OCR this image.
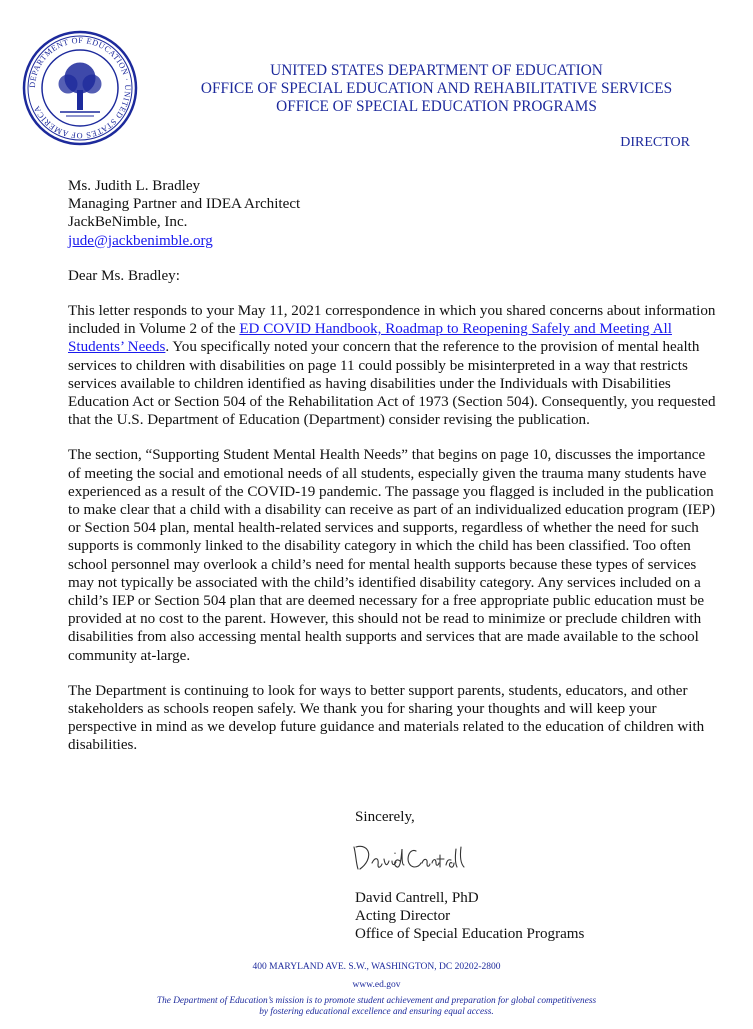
DEPARTMENT OF EDUCATION · UNITED STATES OF AMERICA
UNITED STATES DEPARTMENT OF EDUCATION
OFFICE OF SPECIAL EDUCATION AND REHABILITATIVE SERVICES
OFFICE OF SPECIAL EDUCATION PROGRAMS
DIRECTOR
Ms. Judith L. Bradley
Managing Partner and IDEA Architect
JackBeNimble, Inc.
jude@jackbenimble.org
Dear Ms. Bradley:

This letter responds to your May 11, 2021 correspondence in which you shared concerns about information included in Volume 2 of the ED COVID Handbook, Roadmap to Reopening Safely and Meeting All Students’ Needs. You specifically noted your concern that the reference to the provision of mental health services to children with disabilities on page 11 could possibly be misinterpreted in a way that restricts services available to children identified as having disabilities under the Individuals with Disabilities Education Act or Section 504 of the Rehabilitation Act of 1973 (Section 504). Consequently, you requested that the U.S. Department of Education (Department) consider revising the publication.

The section, “Supporting Student Mental Health Needs” that begins on page 10, discusses the importance of meeting the social and emotional needs of all students, especially given the trauma many students have experienced as a result of the COVID-19 pandemic. The passage you flagged is included in the publication to make clear that a child with a disability can receive as part of an individualized education program (IEP) or Section 504 plan, mental health-related services and supports, regardless of whether the need for such supports is commonly linked to the disability category in which the child has been classified. Too often school personnel may overlook a child’s need for mental health supports because these types of services may not typically be associated with the child’s identified disability category. Any services included on a child’s IEP or Section 504 plan that are deemed necessary for a free appropriate public education must be provided at no cost to the parent. However, this should not be read to minimize or preclude children with disabilities from also accessing mental health supports and services that are made available to the school community at-large.

The Department is continuing to look for ways to better support parents, students, educators, and other stakeholders as schools reopen safely. We thank you for sharing your thoughts and will keep your perspective in mind as we develop future guidance and materials related to the education of children with disabilities.

Sincerely,
David Cantrell, PhD
Acting Director
Office of Special Education Programs
400 MARYLAND AVE. S.W., WASHINGTON, DC 20202-2800
www.ed.gov
The Department of Education’s mission is to promote student achievement and preparation for global competitiveness
by fostering educational excellence and ensuring equal access.
